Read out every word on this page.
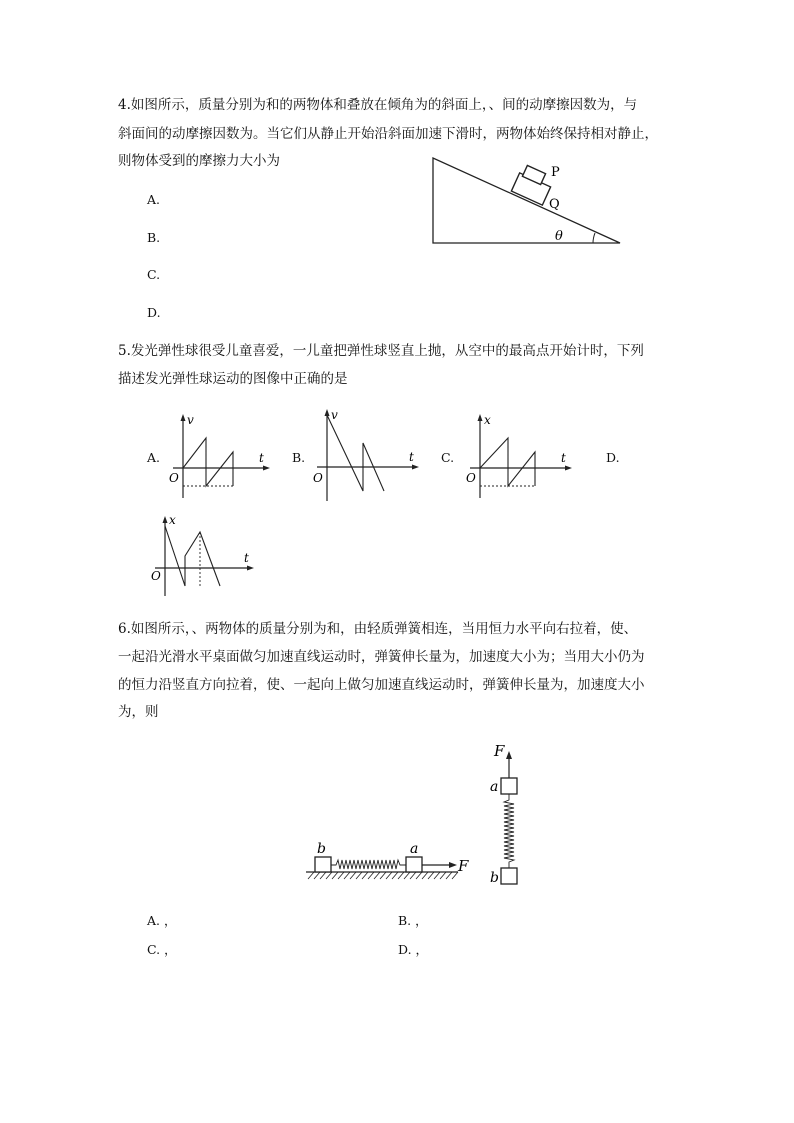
4.如图所示，质量分别为和的两物体和叠放在倾角为的斜面上，、间的动摩擦因数为，与
斜面间的动摩擦因数为。当它们从静止开始沿斜面加速下滑时，两物体始终保持相对静止，
则物体受到的摩擦力大小为
A.
B.
C.
D.
P
Q
θ
5.发光弹性球很受儿童喜爱，一儿童把弹性球竖直上抛，从空中的最高点开始计时，下列
描述发光弹性球运动的图像中正确的是
A.	B.	C.	D.
v
t
O
v
t
O
x
t
O
x
t
O
6.如图所示，、两物体的质量分别为和，由轻质弹簧相连，当用恒力水平向右拉着，使、
一起沿光滑水平桌面做匀加速直线运动时，弹簧伸长量为，加速度大小为；当用大小仍为
的恒力沿竖直方向拉着，使、一起向上做匀加速直线运动时，弹簧伸长量为，加速度大小
为，则
b	a
F
F
a
b
A. ，	B. ，
C. ，	D. ，
